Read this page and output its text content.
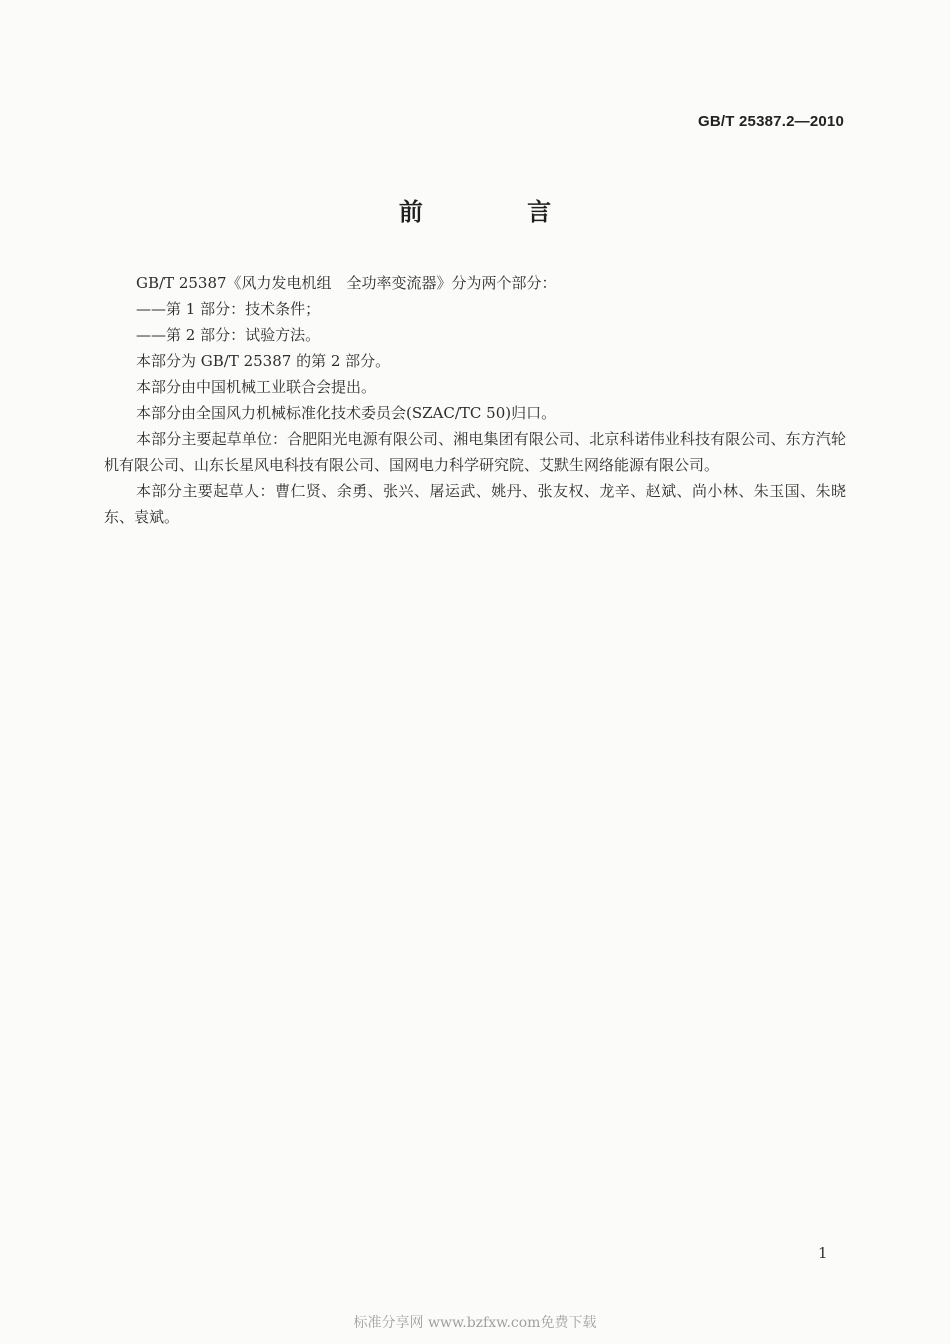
GB/T 25387.2—2010
前 言

GB/T 25387《风力发电机组　全功率变流器》分为两个部分：

——第 1 部分：技术条件；

——第 2 部分：试验方法。

本部分为 GB/T 25387 的第 2 部分。

本部分由中国机械工业联合会提出。

本部分由全国风力机械标准化技术委员会(SZAC/TC 50)归口。

本部分主要起草单位：合肥阳光电源有限公司、湘电集团有限公司、北京科诺伟业科技有限公司、东方汽轮机有限公司、山东长星风电科技有限公司、国网电力科学研究院、艾默生网络能源有限公司。

本部分主要起草人：曹仁贤、余勇、张兴、屠运武、姚丹、张友权、龙辛、赵斌、尚小林、朱玉国、朱晓东、袁斌。

1
标准分享网 www.bzfxw.com免费下载
